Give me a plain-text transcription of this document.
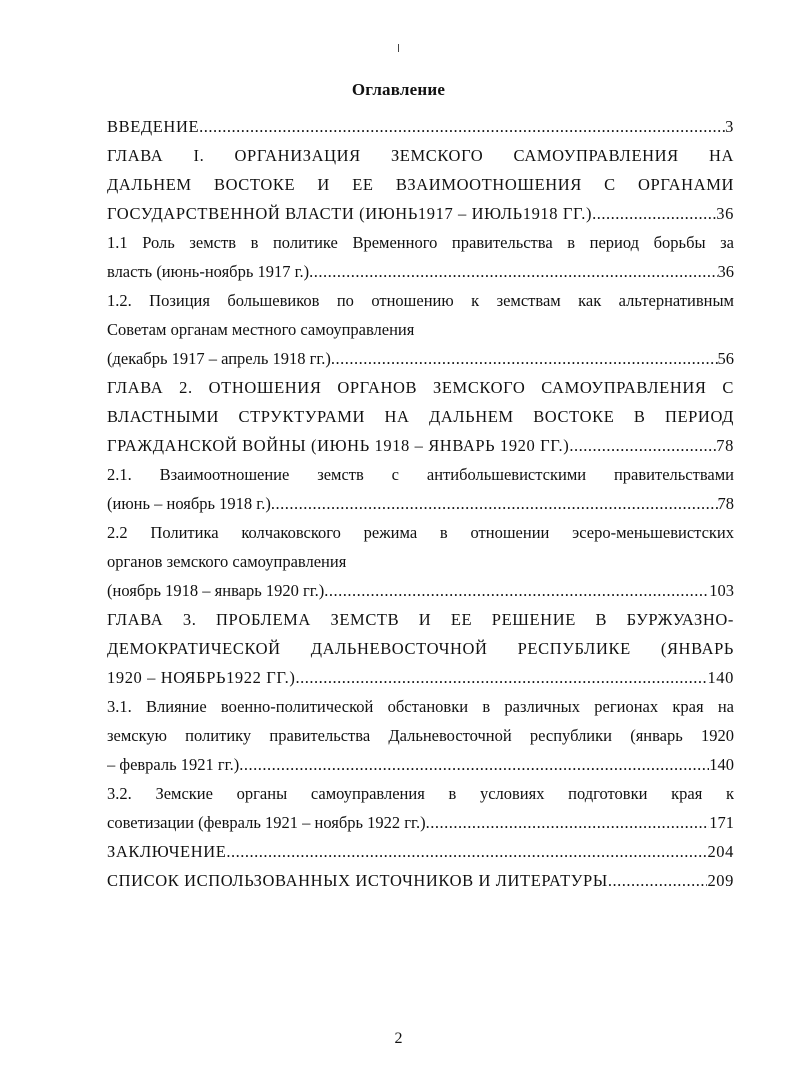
Оглавление
ВВЕДЕНИЕ .....	3
ГЛАВА I. ОРГАНИЗАЦИЯ ЗЕМСКОГО САМОУПРАВЛЕНИЯ НА
ДАЛЬНЕМ ВОСТОКЕ И ЕЕ ВЗАИМООТНОШЕНИЯ С ОРГАНАМИ
ГОСУДАРСТВЕННОЙ ВЛАСТИ (ИЮНЬ1917 – ИЮЛЬ1918 ГГ.) .....	36
1.1 Роль земств в политике Временного правительства в период борьбы за
власть (июнь-ноябрь 1917 г.) .....	36
1.2. Позиция большевиков по отношению к земствам как альтернативным
Советам органам местного самоуправления
(декабрь 1917 – апрель 1918 гг.) .....	56
ГЛАВА 2. ОТНОШЕНИЯ ОРГАНОВ ЗЕМСКОГО САМОУПРАВЛЕНИЯ С
ВЛАСТНЫМИ СТРУКТУРАМИ НА ДАЛЬНЕМ ВОСТОКЕ В ПЕРИОД
ГРАЖДАНСКОЙ ВОЙНЫ (ИЮНЬ 1918 – ЯНВАРЬ 1920 ГГ.) .....	78
2.1. Взаимоотношение земств с антибольшевистскими правительствами
(июнь – ноябрь 1918 г.) .....	78
2.2 Политика колчаковского режима в отношении эсеро-меньшевистских
органов земского самоуправления
(ноябрь 1918 – январь 1920 гг.) .....	103
ГЛАВА 3. ПРОБЛЕМА ЗЕМСТВ И ЕЕ РЕШЕНИЕ В БУРЖУАЗНО-
ДЕМОКРАТИЧЕСКОЙ ДАЛЬНЕВОСТОЧНОЙ РЕСПУБЛИКЕ (ЯНВАРЬ
1920 – НОЯБРЬ1922 ГГ.) .....	140
3.1. Влияние военно-политической обстановки в различных регионах края на
земскую политику правительства Дальневосточной республики (январь 1920
– февраль 1921 гг.) .....	140
3.2. Земские органы самоуправления в условиях подготовки края к
советизации (февраль 1921 – ноябрь 1922 гг.) .....	171
ЗАКЛЮЧЕНИЕ .....	204
СПИСОК ИСПОЛЬЗОВАННЫХ ИСТОЧНИКОВ И ЛИТЕРАТУРЫ .....	209
2
